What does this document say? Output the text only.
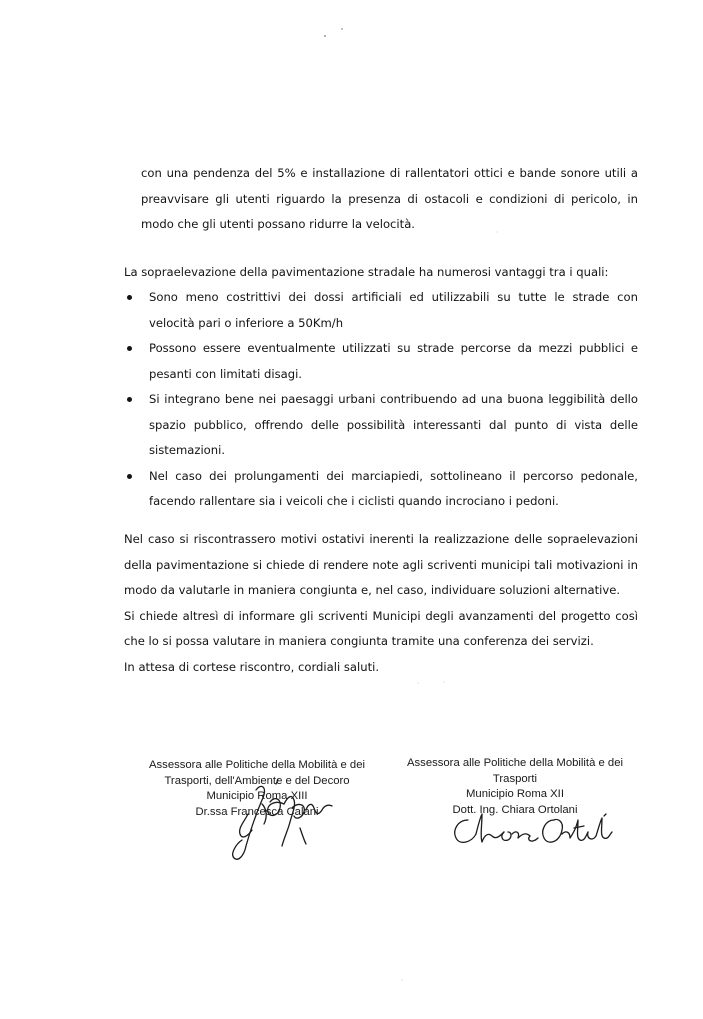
con una pendenza del 5% e installazione di rallentatori ottici e bande sonore utili a preavvisare gli utenti riguardo la presenza di ostacoli e condizioni di pericolo, in modo che gli utenti possano ridurre la velocità.
La sopraelevazione della pavimentazione stradale ha numerosi vantaggi tra i quali:
Sono meno costrittivi dei dossi artificiali ed utilizzabili su tutte le strade con velocità pari o inferiore a 50Km/h
Possono essere eventualmente utilizzati su strade percorse da mezzi pubblici e pesanti con limitati disagi.
Si integrano bene nei paesaggi urbani contribuendo ad una buona leggibilità dello spazio pubblico, offrendo delle possibilità interessanti dal punto di vista delle sistemazioni.
Nel caso dei prolungamenti dei marciapiedi, sottolineano il percorso pedonale, facendo rallentare sia i veicoli che i ciclisti quando incrociano i pedoni.

Nel caso si riscontrassero motivi ostativi inerenti la realizzazione delle sopraelevazioni della pavimentazione si chiede di rendere note agli scriventi municipi tali motivazioni in modo da valutarle in maniera congiunta e, nel caso, individuare soluzioni alternative.

Si chiede altresì di informare gli scriventi Municipi degli avanzamenti del progetto così che lo si possa valutare in maniera congiunta tramite una conferenza dei servizi.

In attesa di cortese riscontro, cordiali saluti.

Assessora alle Politiche della Mobilità e dei
Trasporti, dell'Ambiente e del Decoro
Municipio Roma XIII
Dr.ssa Francesca Calani
Assessora alle Politiche della Mobilità e dei
Trasporti
Municipio Roma XII
Dott. Ing. Chiara Ortolani
